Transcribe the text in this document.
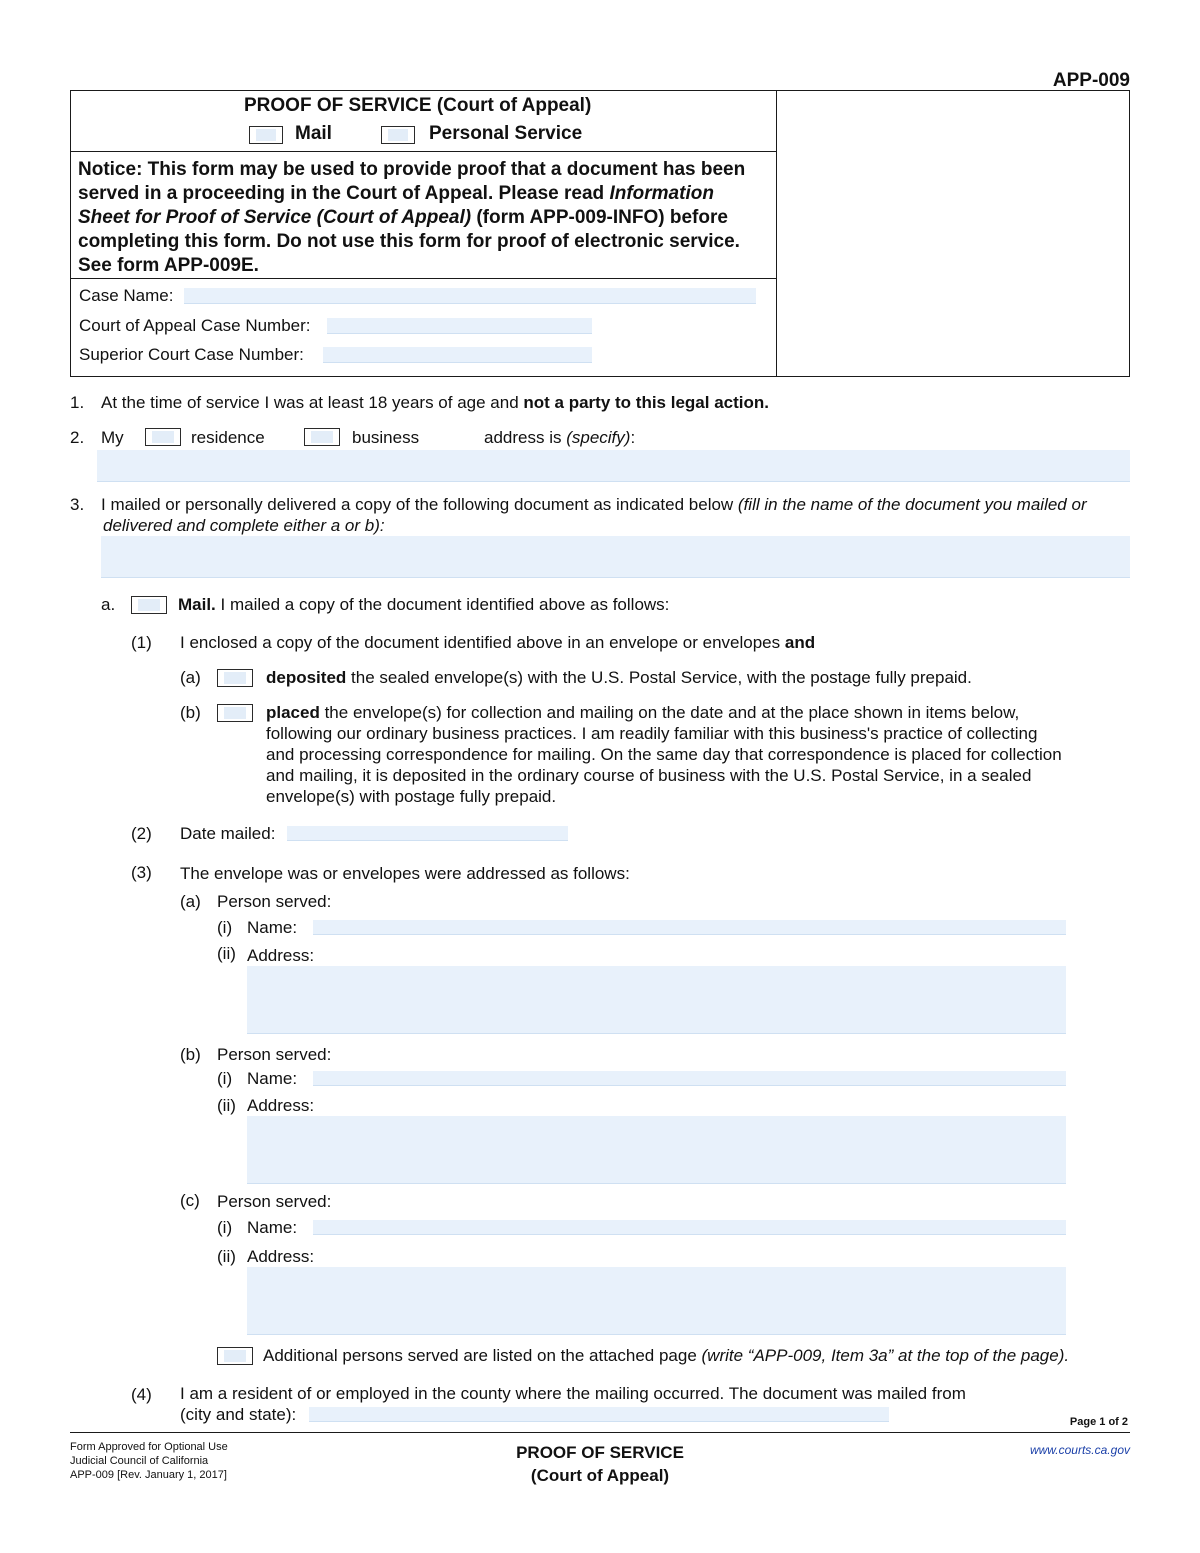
APP-009
PROOF OF SERVICE (Court of Appeal)
Mail	Personal Service
Notice: This form may be used to provide proof that a document has been
served in a proceeding in the Court of Appeal. Please read Information
Sheet for Proof of Service (Court of Appeal) (form APP-009-INFO) before
completing this form. Do not use this form for proof of electronic service.
See form APP-009E.
Case Name:
Court of Appeal Case Number:
Superior Court Case Number:
1. At the time of service I was at least 18 years of age and not a party to this legal action.
2. My	residence	business	address is (specify):
3. I mailed or personally delivered a copy of the following document as indicated below (fill in the name of the document you mailed or
delivered and complete either a or b):
a.	Mail. I mailed a copy of the document identified above as follows:
(1) I enclosed a copy of the document identified above in an envelope or envelopes and
(a)	deposited the sealed envelope(s) with the U.S. Postal Service, with the postage fully prepaid.
(b)	placed the envelope(s) for collection and mailing on the date and at the place shown in items below,
following our ordinary business practices. I am readily familiar with this business's practice of collecting
and processing correspondence for mailing. On the same day that correspondence is placed for collection
and mailing, it is deposited in the ordinary course of business with the U.S. Postal Service, in a sealed
envelope(s) with postage fully prepaid.
(2) Date mailed:
(3) The envelope was or envelopes were addressed as follows:
(a) Person served:
(i) Name:
(ii) Address:
(b) Person served:
(i) Name:
(ii) Address:
(c) Person served:
(i) Name:
(ii) Address:
Additional persons served are listed on the attached page (write “APP-009, Item 3a” at the top of the page).
(4) I am a resident of or employed in the county where the mailing occurred. The document was mailed from
(city and state):	Page 1 of 2
Form Approved for Optional Use
Judicial Council of California
APP-009 [Rev. January 1, 2017]
PROOF OF SERVICE
(Court of Appeal)
www.courts.ca.gov
